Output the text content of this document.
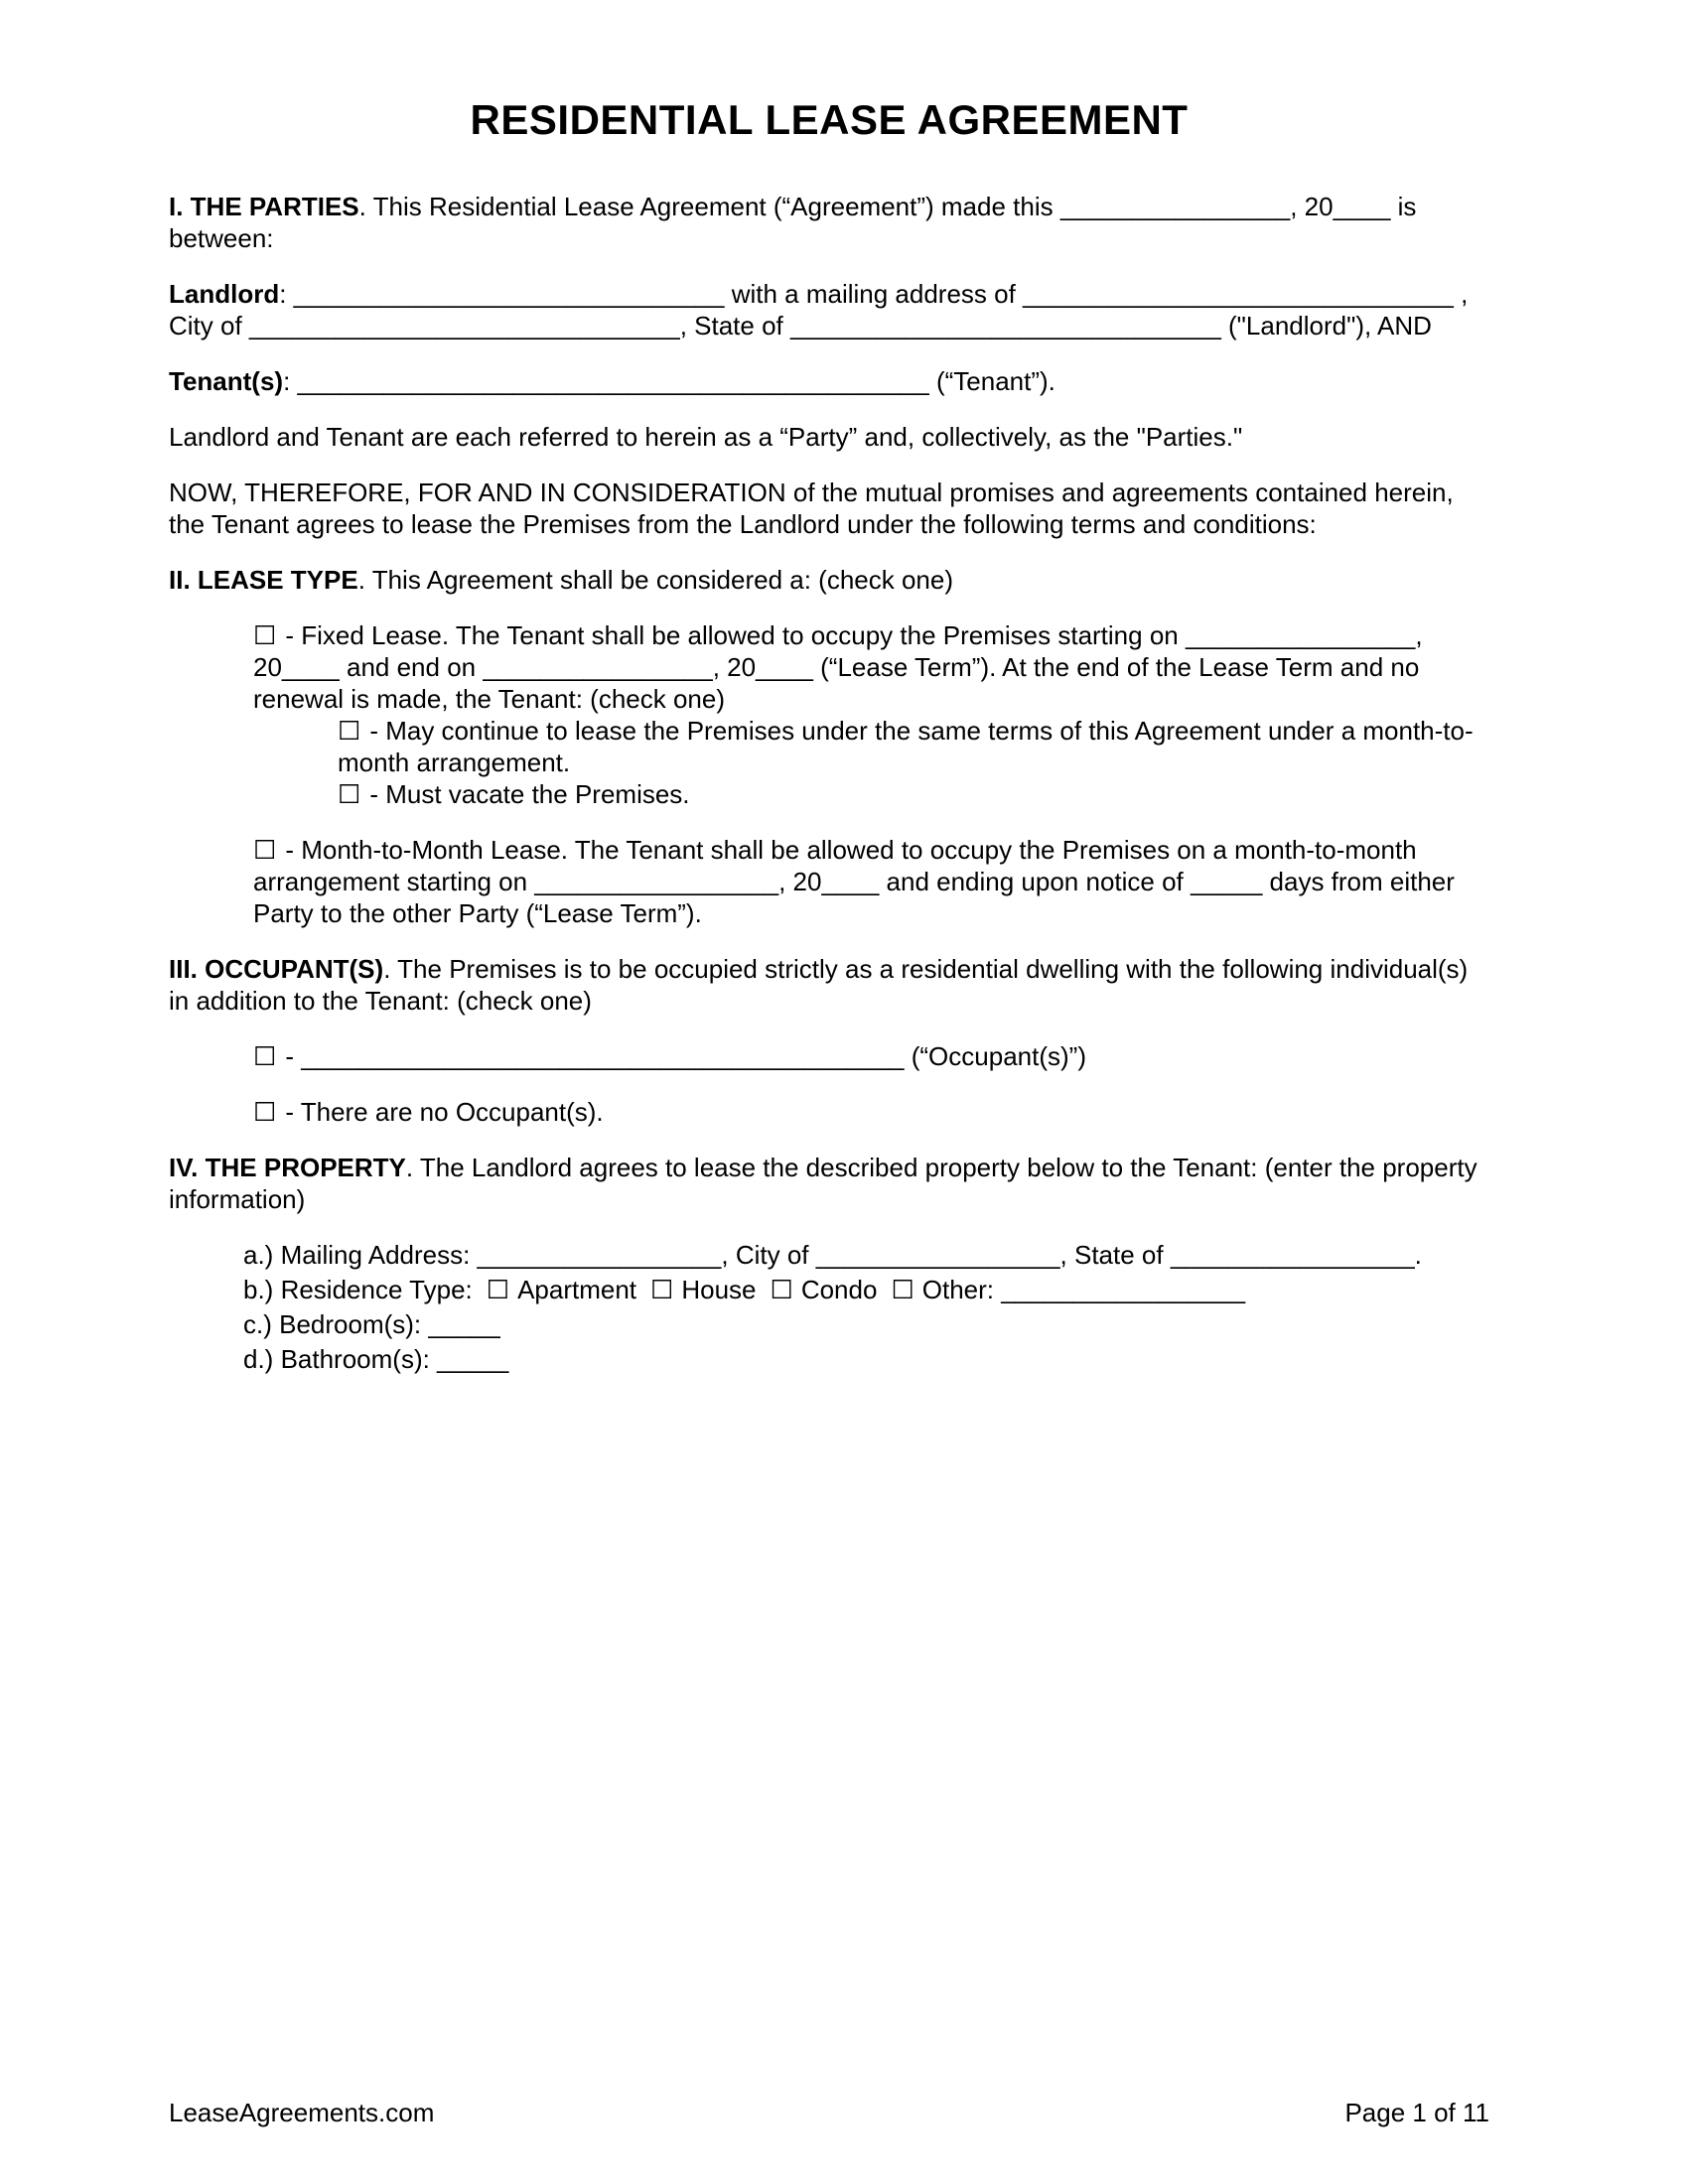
RESIDENTIAL LEASE AGREEMENT

I. THE PARTIES. This Residential Lease Agreement (“Agreement”) made this ________________, 20____ is between:

Landlord: ______________________________ with a mailing address of ______________________________ , City of ______________________________, State of ______________________________ ("Landlord"), AND

Tenant(s): ____________________________________________ (“Tenant”).

Landlord and Tenant are each referred to herein as a “Party” and, collectively, as the "Parties."

NOW, THEREFORE, FOR AND IN CONSIDERATION of the mutual promises and agreements contained herein, the Tenant agrees to lease the Premises from the Landlord under the following terms and conditions:

II. LEASE TYPE. This Agreement shall be considered a: (check one)

☐ - Fixed Lease. The Tenant shall be allowed to occupy the Premises starting on ________________, 20____ and end on ________________, 20____ (“Lease Term”). At the end of the Lease Term and no renewal is made, the Tenant: (check one)

☐ - May continue to lease the Premises under the same terms of this Agreement under a month-to-month arrangement.

☐ - Must vacate the Premises.

☐ - Month-to-Month Lease. The Tenant shall be allowed to occupy the Premises on a month-to-month arrangement starting on _________________, 20____ and ending upon notice of _____ days from either Party to the other Party (“Lease Term”).

III. OCCUPANT(S). The Premises is to be occupied strictly as a residential dwelling with the following individual(s) in addition to the Tenant: (check one)

☐ - __________________________________________ (“Occupant(s)”)

☐ - There are no Occupant(s).

IV. THE PROPERTY. The Landlord agrees to lease the described property below to the Tenant: (enter the property information)

a.) Mailing Address: _________________, City of _________________, State of _________________.

b.) Residence Type: ☐ Apartment ☐ House ☐ Condo ☐ Other: _________________

c.) Bedroom(s): _____

d.) Bathroom(s): _____

LeaseAgreements.com	Page 1 of 11
